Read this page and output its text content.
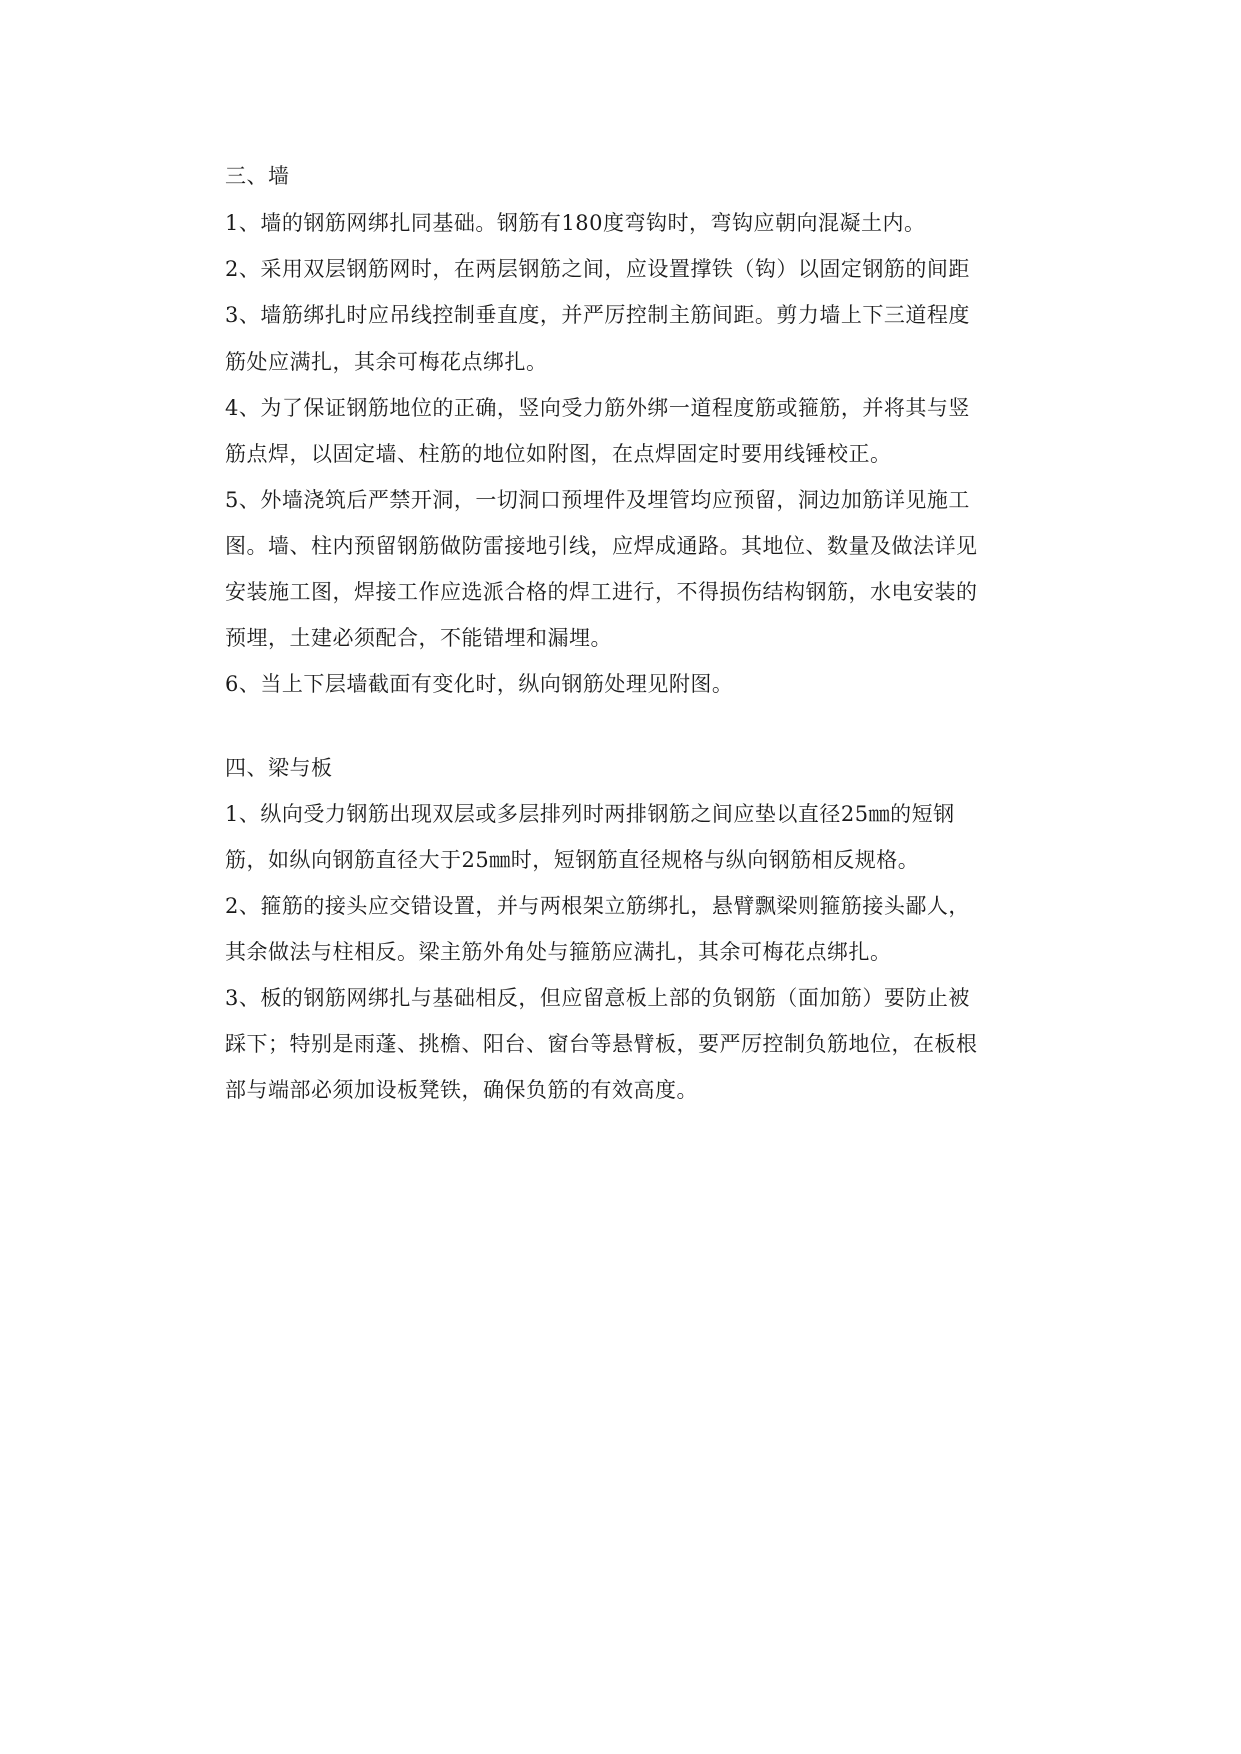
三、墙
1、墙的钢筋网绑扎同基础。钢筋有180度弯钩时，弯钩应朝向混凝土内。
2、采用双层钢筋网时，在两层钢筋之间，应设置撑铁（钩）以固定钢筋的间距
3、墙筋绑扎时应吊线控制垂直度，并严厉控制主筋间距。剪力墙上下三道程度
筋处应满扎，其余可梅花点绑扎。
4、为了保证钢筋地位的正确，竖向受力筋外绑一道程度筋或箍筋，并将其与竖
筋点焊，以固定墙、柱筋的地位如附图，在点焊固定时要用线锤校正。
5、外墙浇筑后严禁开洞，一切洞口预埋件及埋管均应预留，洞边加筋详见施工
图。墙、柱内预留钢筋做防雷接地引线，应焊成通路。其地位、数量及做法详见
安装施工图，焊接工作应选派合格的焊工进行，不得损伤结构钢筋，水电安装的
预埋，土建必须配合，不能错埋和漏埋。
6、当上下层墙截面有变化时，纵向钢筋处理见附图。
四、梁与板
1、纵向受力钢筋出现双层或多层排列时两排钢筋之间应垫以直径25㎜的短钢
筋，如纵向钢筋直径大于25㎜时，短钢筋直径规格与纵向钢筋相反规格。
2、箍筋的接头应交错设置，并与两根架立筋绑扎，悬臂飘梁则箍筋接头鄙人，
其余做法与柱相反。梁主筋外角处与箍筋应满扎，其余可梅花点绑扎。
3、板的钢筋网绑扎与基础相反，但应留意板上部的负钢筋（面加筋）要防止被
踩下；特别是雨蓬、挑檐、阳台、窗台等悬臂板，要严厉控制负筋地位，在板根
部与端部必须加设板凳铁，确保负筋的有效高度。
